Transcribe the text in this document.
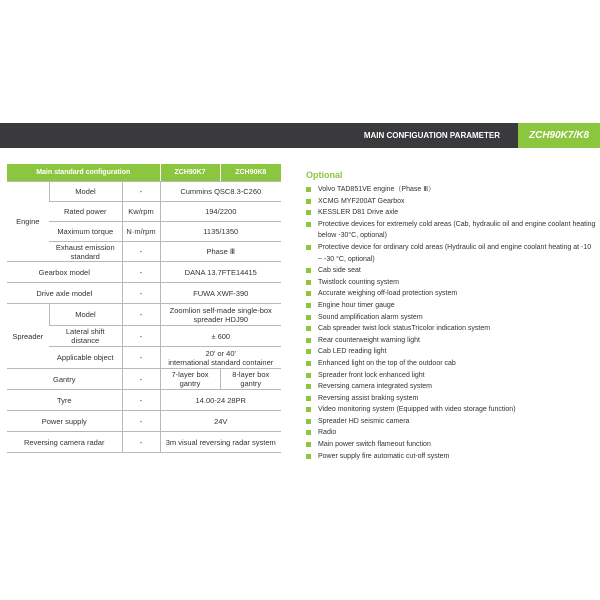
MAIN CONFIGUATION PARAMETER	ZCH90K7/K8
Main standard configuration			ZCH90K7	ZCH90K8
Engine	Model	-	Cummins QSC8.3-C260	
	Rated power	Kw/rpm	194/2200	
	Maximum torque	N·m/rpm	1135/1350	
	Exhaust emission standard	-	Phase Ⅲ	
Gearbox model		-	DANA 13.7FTE14415	
Drive axle model		-	FUWA XWF-390	
Spreader	Model	-	Zoomlion self-made single-box spreader HDJ90	
	Lateral shift distance	-	± 600	
	Applicable object	-	20' or 40'
international standard container	
Gantry		-	7-layer box gantry	8-layer box gantry
Tyre		-	14.00-24 28PR	
Power supply		-	24V	
Reversing camera radar		-	3m visual reversing radar system	
Optional
Volvo TAD851VE engine（Phase Ⅲ）
XCMG MYF200AT Gearbox
KESSLER D81 Drive axle
Protective devices for extremely cold areas (Cab, hydraulic oil and engine coolant heating below -30°C, optional)
Protective device for ordinary cold areas (Hydraulic oil and engine coolant heating at -10 ~ -30 °C, optional)
Cab side seat
Twistlock counting system
Accurate weighing off-load protection system
Engine hour timer gauge
Sound amplification alarm system
Cab spreader twist lock statusTricolor indication system
Rear counterweight warning light
Cab LED reading light
Enhanced light on the top of the outdoor cab
Spreader front lock enhanced light
Reversing camera integrated system
Reversing assist braking system
Video monitoring system (Equipped with video storage function)
Spreader HD seismic camera
Radio
Main power switch flameout function
Power supply fire automatic cut-off system
